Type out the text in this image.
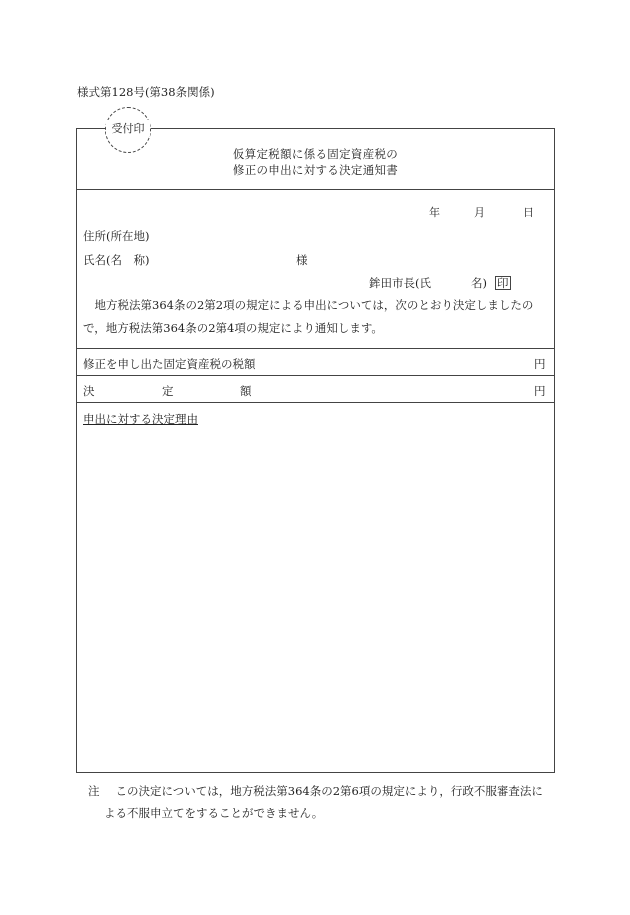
様式第128号(第38条関係)
受付印
仮算定税額に係る固定資産税の
修正の申出に対する決定通知書
年	月	日
住所(所在地)
氏名(名　称)	様
鉾田市長(氏	名) 印
　地方税法第364条の2第2項の規定による申出については，次のとおり決定しましたの
で，地方税法第364条の2第4項の規定により通知します。
修正を申し出た固定資産税の税額	円
決	定	額	円
申出に対する決定理由
注 この決定については，地方税法第364条の2第6項の規定により，行政不服審査法に
よる不服申立てをすることができません。
